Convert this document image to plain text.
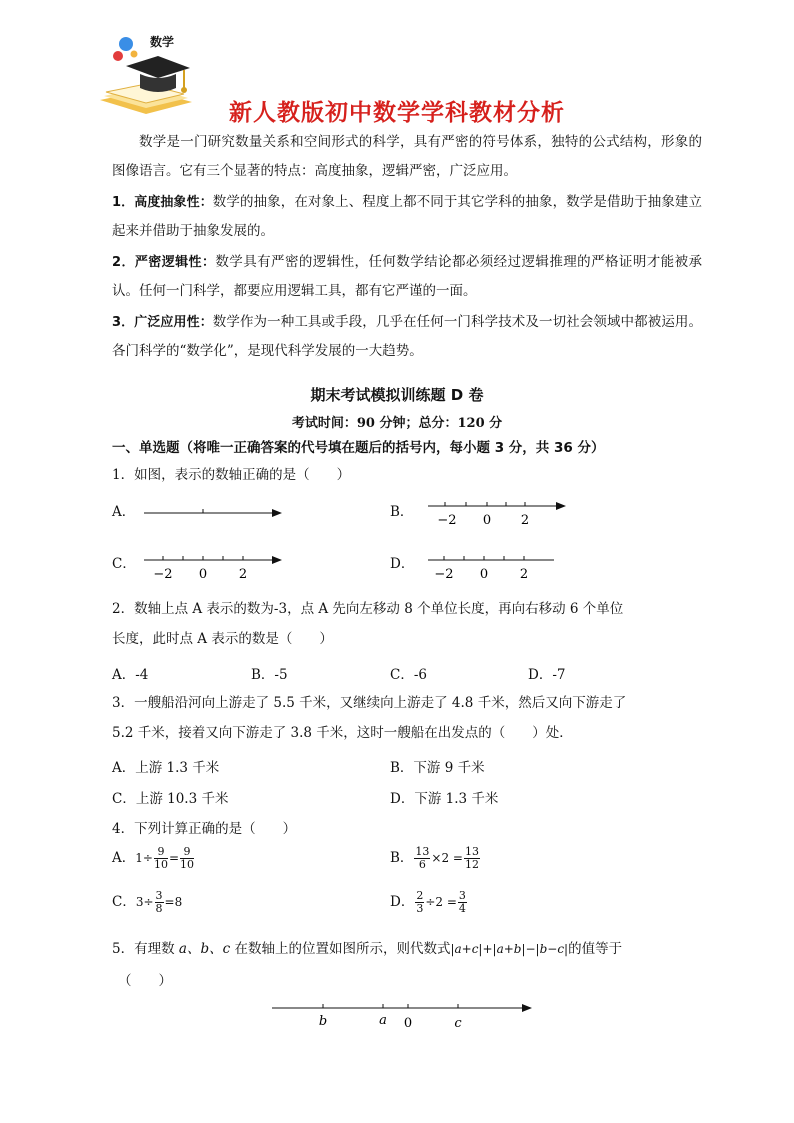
数学
新人教版初中数学学科教材分析
数学是一门研究数量关系和空间形式的科学，具有严密的符号体系，独特的公式结构，形象的图像语言。它有三个显著的特点：高度抽象，逻辑严密，广泛应用。
1．高度抽象性：数学的抽象，在对象上、程度上都不同于其它学科的抽象，数学是借助于抽象建立起来并借助于抽象发展的。
2．严密逻辑性：数学具有严密的逻辑性，任何数学结论都必须经过逻辑推理的严格证明才能被承认。任何一门科学，都要应用逻辑工具，都有它严谨的一面。
3．广泛应用性：数学作为一种工具或手段，几乎在任何一门科学技术及一切社会领域中都被运用。各门科学的“数学化”，是现代科学发展的一大趋势。
期末考试模拟训练题 D 卷
考试时间：90 分钟；总分：120 分
一、单选题（将唯一正确答案的代号填在题后的括号内，每小题 3 分，共 36 分）
1．如图，表示的数轴正确的是（　　）
A．	B．
−2 0 2
C．
−2 0 2
D．
−2 0 2
2．数轴上点 A 表示的数为-3，点 A 先向左移动 8 个单位长度，再向右移动 6 个单位
长度，此时点 A 表示的数是（　　）
A．-4	B．-5	C．-6	D．-7
3．一艘船沿河向上游走了 5.5 千米，又继续向上游走了 4.8 千米，然后又向下游走了
5.2 千米，接着又向下游走了 3.8 千米，这时一艘船在出发点的（　　）处．
A．上游 1.3 千米	B．下游 9 千米
C．上游 10.3 千米	D．下游 1.3 千米
4．下列计算正确的是（　　）
A．$1\div \frac{9}{10} = \frac{9}{10}$	B． $\frac{13}{6} \times 2 = \frac{13}{12}$
C．$3\div \frac{3}{8} =8$	D． $\frac{2}{3} \div 2 = \frac{3}{4}$
5．有理数 a、b、c 在数轴上的位置如图所示，则代数式|a+c|+|a+b|−|b−c|的值等于
（　　）
b	a 0	c
